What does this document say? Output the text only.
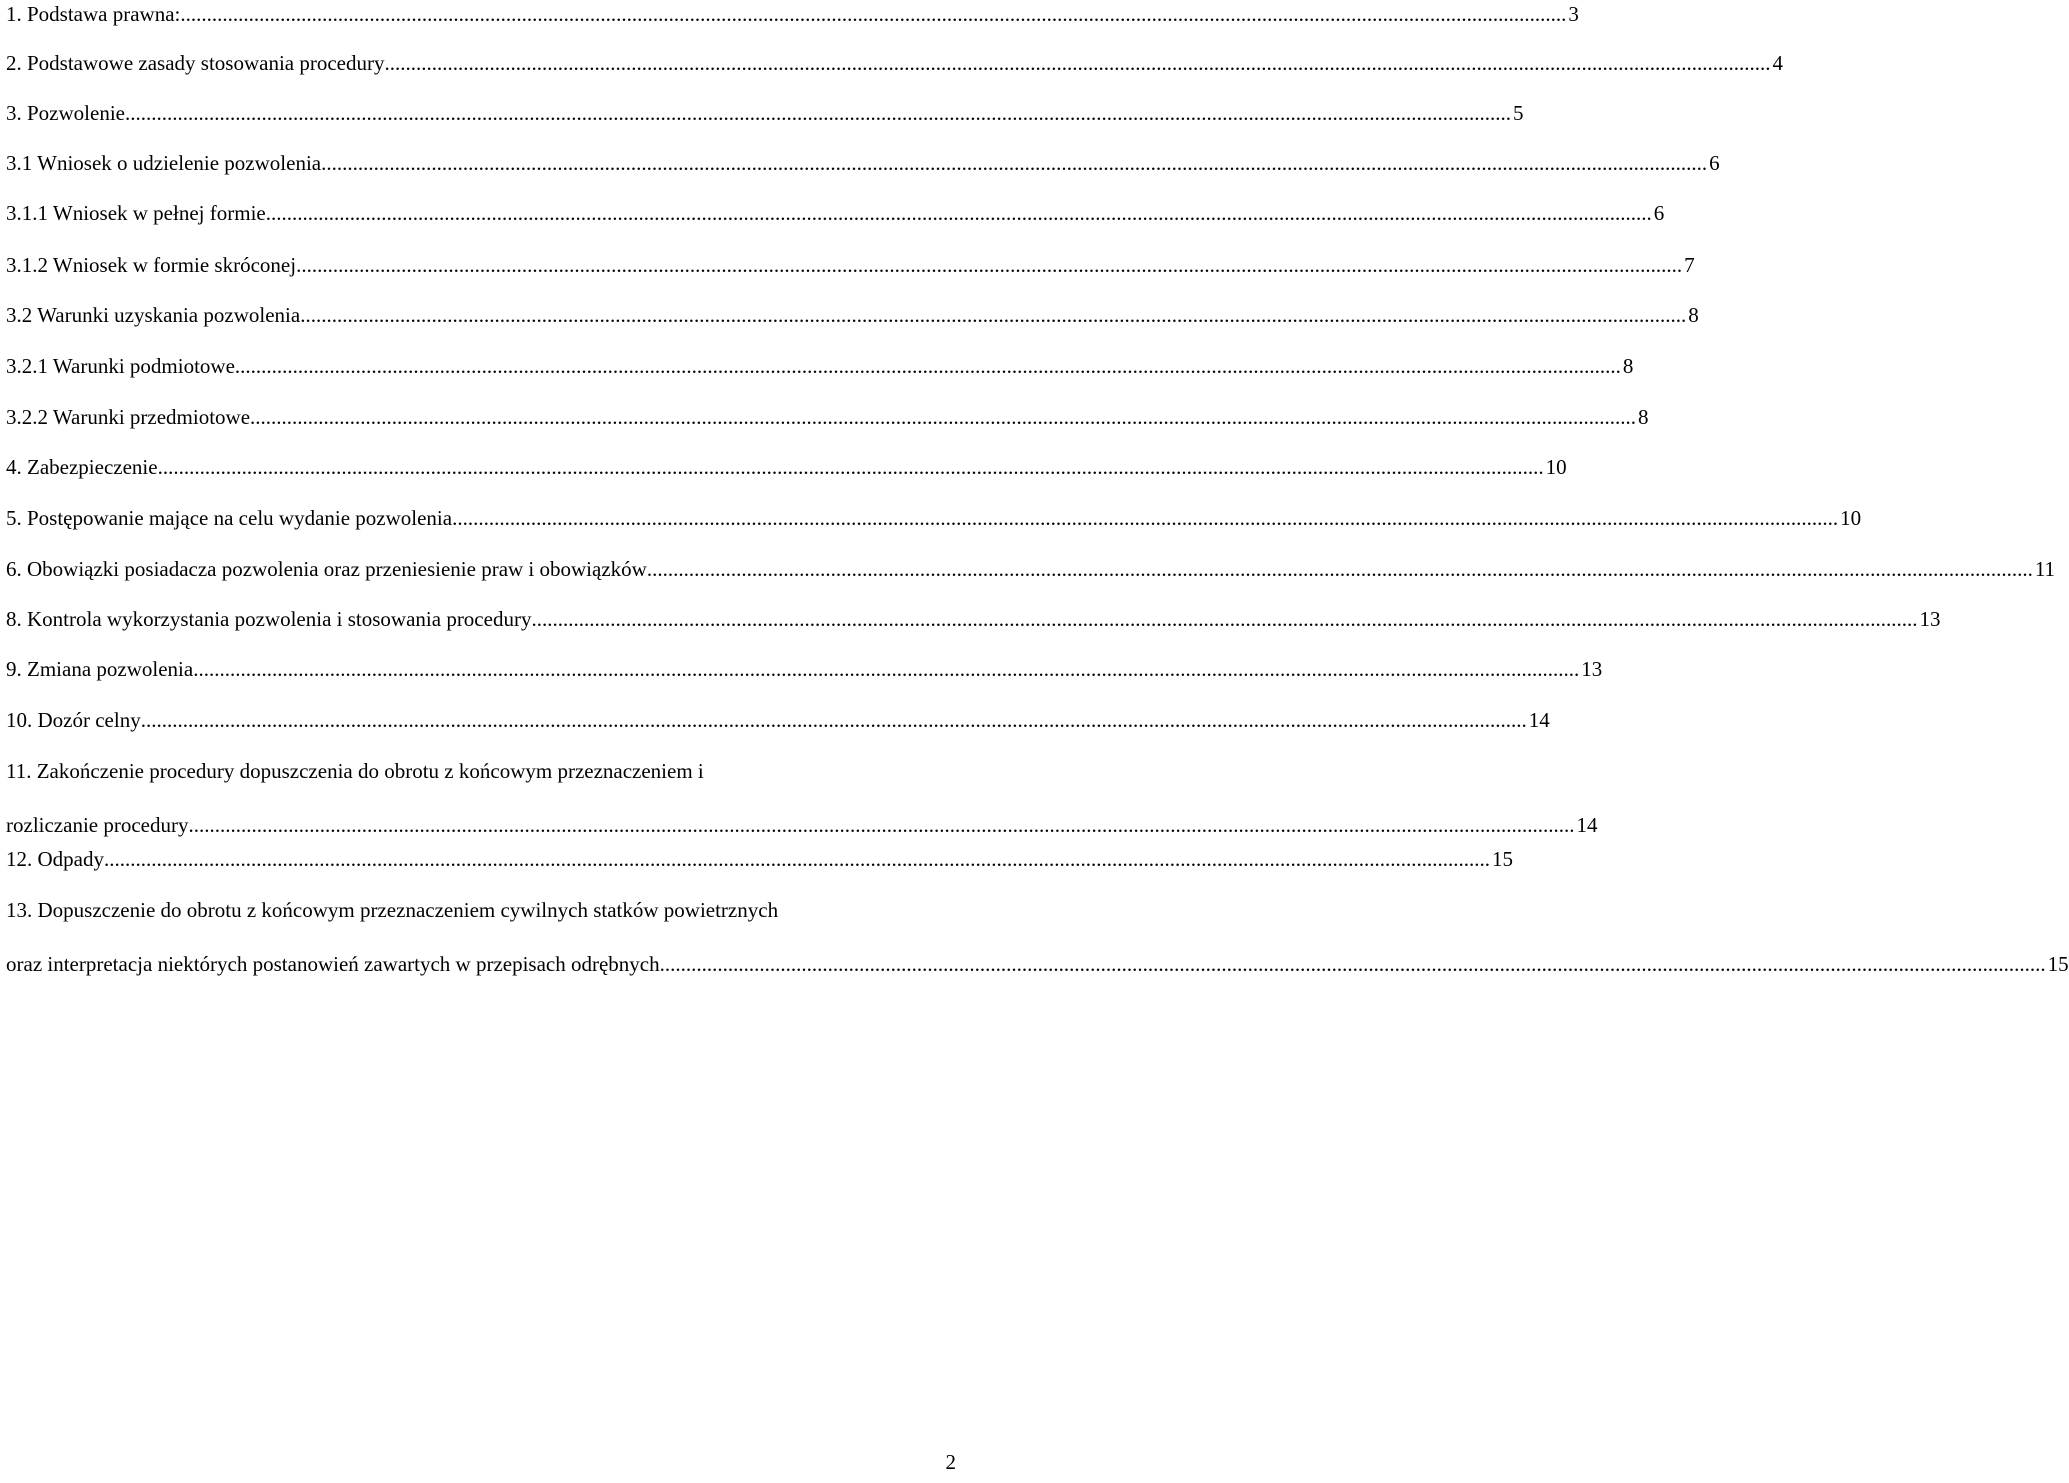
1. Podstawa prawna: .....	3
2. Podstawowe zasady stosowania procedury .....	4
3. Pozwolenie .....	5
3.1 Wniosek o udzielenie pozwolenia .....	6
3.1.1 Wniosek w pełnej formie .....	6
3.1.2 Wniosek w formie skróconej .....	7
3.2 Warunki uzyskania pozwolenia .....	8
3.2.1 Warunki podmiotowe .....	8
3.2.2 Warunki przedmiotowe .....	8
4. Zabezpieczenie .....	10
5. Postępowanie mające na celu wydanie pozwolenia .....	10
6. Obowiązki posiadacza pozwolenia oraz przeniesienie praw i obowiązków .....	11
8. Kontrola wykorzystania pozwolenia i stosowania procedury .....	13
9. Zmiana pozwolenia .....	13
10. Dozór celny .....	14
11. Zakończenie procedury dopuszczenia do obrotu z końcowym przeznaczeniem i
rozliczanie procedury .....	14
12. Odpady .....	15
13. Dopuszczenie do obrotu z końcowym przeznaczeniem cywilnych statków powietrznych
oraz interpretacja niektórych postanowień zawartych w przepisach odrębnych .....	15
2
